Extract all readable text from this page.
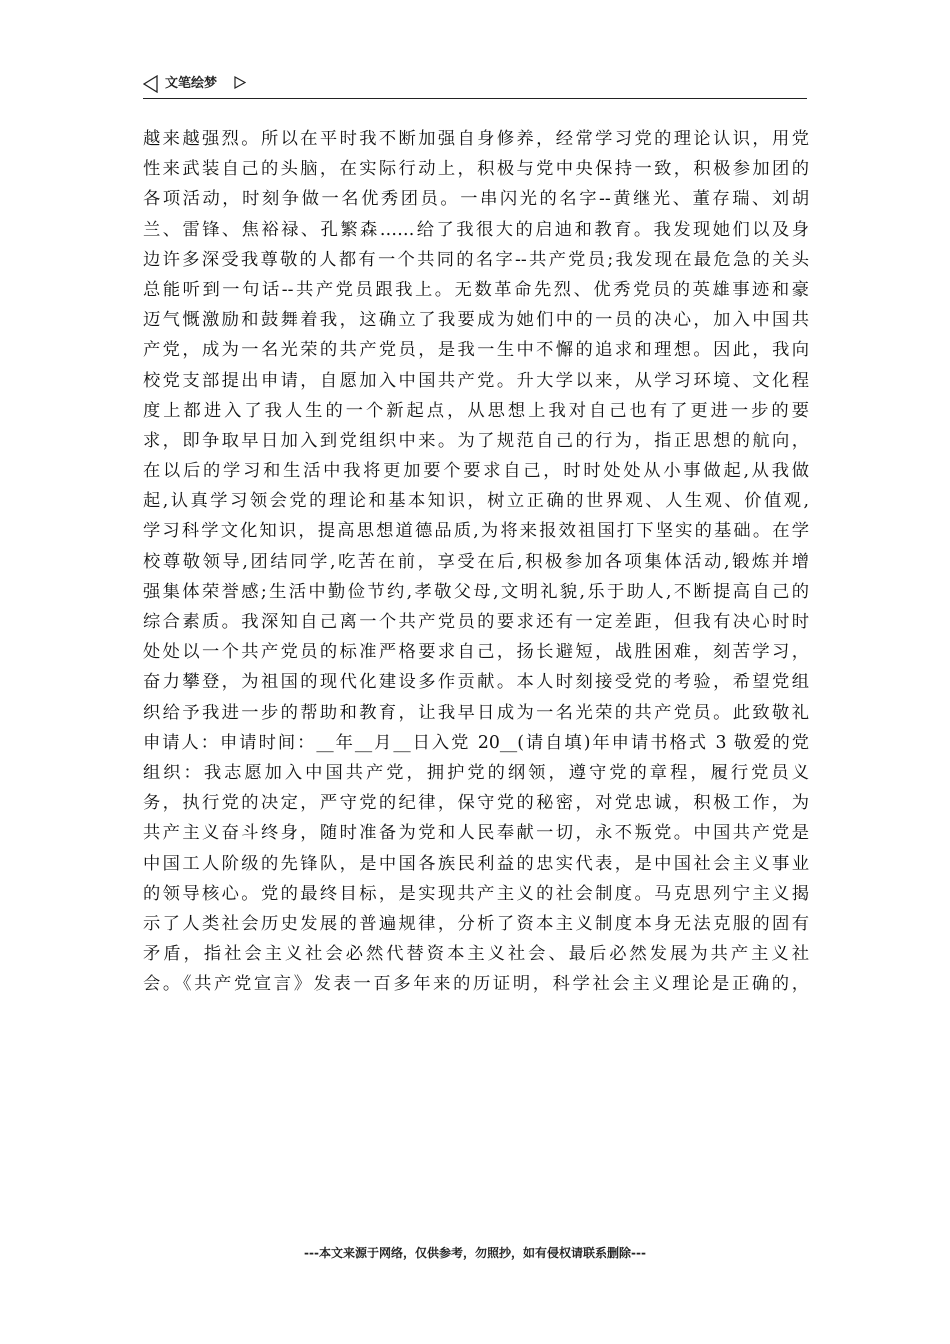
文笔绘梦
越来越强烈。所以在平时我不断加强自身修养，经常学习党的理论认识，用党
性来武装自己的头脑，在实际行动上，积极与党中央保持一致，积极参加团的
各项活动，时刻争做一名优秀团员。一串闪光的名字--黄继光、董存瑞、刘胡
兰、雷锋、焦裕禄、孔繁森……给了我很大的启迪和教育。我发现她们以及身
边许多深受我尊敬的人都有一个共同的名字--共产党员;我发现在最危急的关头
总能听到一句话--共产党员跟我上。无数革命先烈、优秀党员的英雄事迹和豪
迈气慨激励和鼓舞着我，这确立了我要成为她们中的一员的决心，加入中国共
产党，成为一名光荣的共产党员，是我一生中不懈的追求和理想。因此，我向
校党支部提出申请，自愿加入中国共产党。升大学以来，从学习环境、文化程
度上都进入了我人生的一个新起点，从思想上我对自己也有了更进一步的要
求，即争取早日加入到党组织中来。为了规范自己的行为，指正思想的航向，
在以后的学习和生活中我将更加要个要求自己，时时处处从小事做起,从我做
起,认真学习领会党的理论和基本知识，树立正确的世界观、人生观、价值观,
学习科学文化知识，提高思想道德品质,为将来报效祖国打下坚实的基础。在学
校尊敬领导,团结同学,吃苦在前，享受在后,积极参加各项集体活动,锻炼并增
强集体荣誉感;生活中勤俭节约,孝敬父母,文明礼貌,乐于助人,不断提高自己的
综合素质。我深知自己离一个共产党员的要求还有一定差距，但我有决心时时
处处以一个共产党员的标准严格要求自己，扬长避短，战胜困难，刻苦学习，
奋力攀登，为祖国的现代化建设多作贡献。本人时刻接受党的考验，希望党组
织给予我进一步的帮助和教育，让我早日成为一名光荣的共产党员。此致敬礼
申请人：申请时间：__年__月__日入党 20__(请自填)年申请书格式 3 敬爱的党
组织：我志愿加入中国共产党，拥护党的纲领，遵守党的章程，履行党员义
务，执行党的决定，严守党的纪律，保守党的秘密，对党忠诚，积极工作，为
共产主义奋斗终身，随时准备为党和人民奉献一切，永不叛党。中国共产党是
中国工人阶级的先锋队，是中国各族民利益的忠实代表，是中国社会主义事业
的领导核心。党的最终目标，是实现共产主义的社会制度。马克思列宁主义揭
示了人类社会历史发展的普遍规律，分析了资本主义制度本身无法克服的固有
矛盾，指社会主义社会必然代替资本主义社会、最后必然发展为共产主义社
会。《共产党宣言》发表一百多年来的历证明，科学社会主义理论是正确的，
---本文来源于网络，仅供参考，勿照抄，如有侵权请联系删除---
